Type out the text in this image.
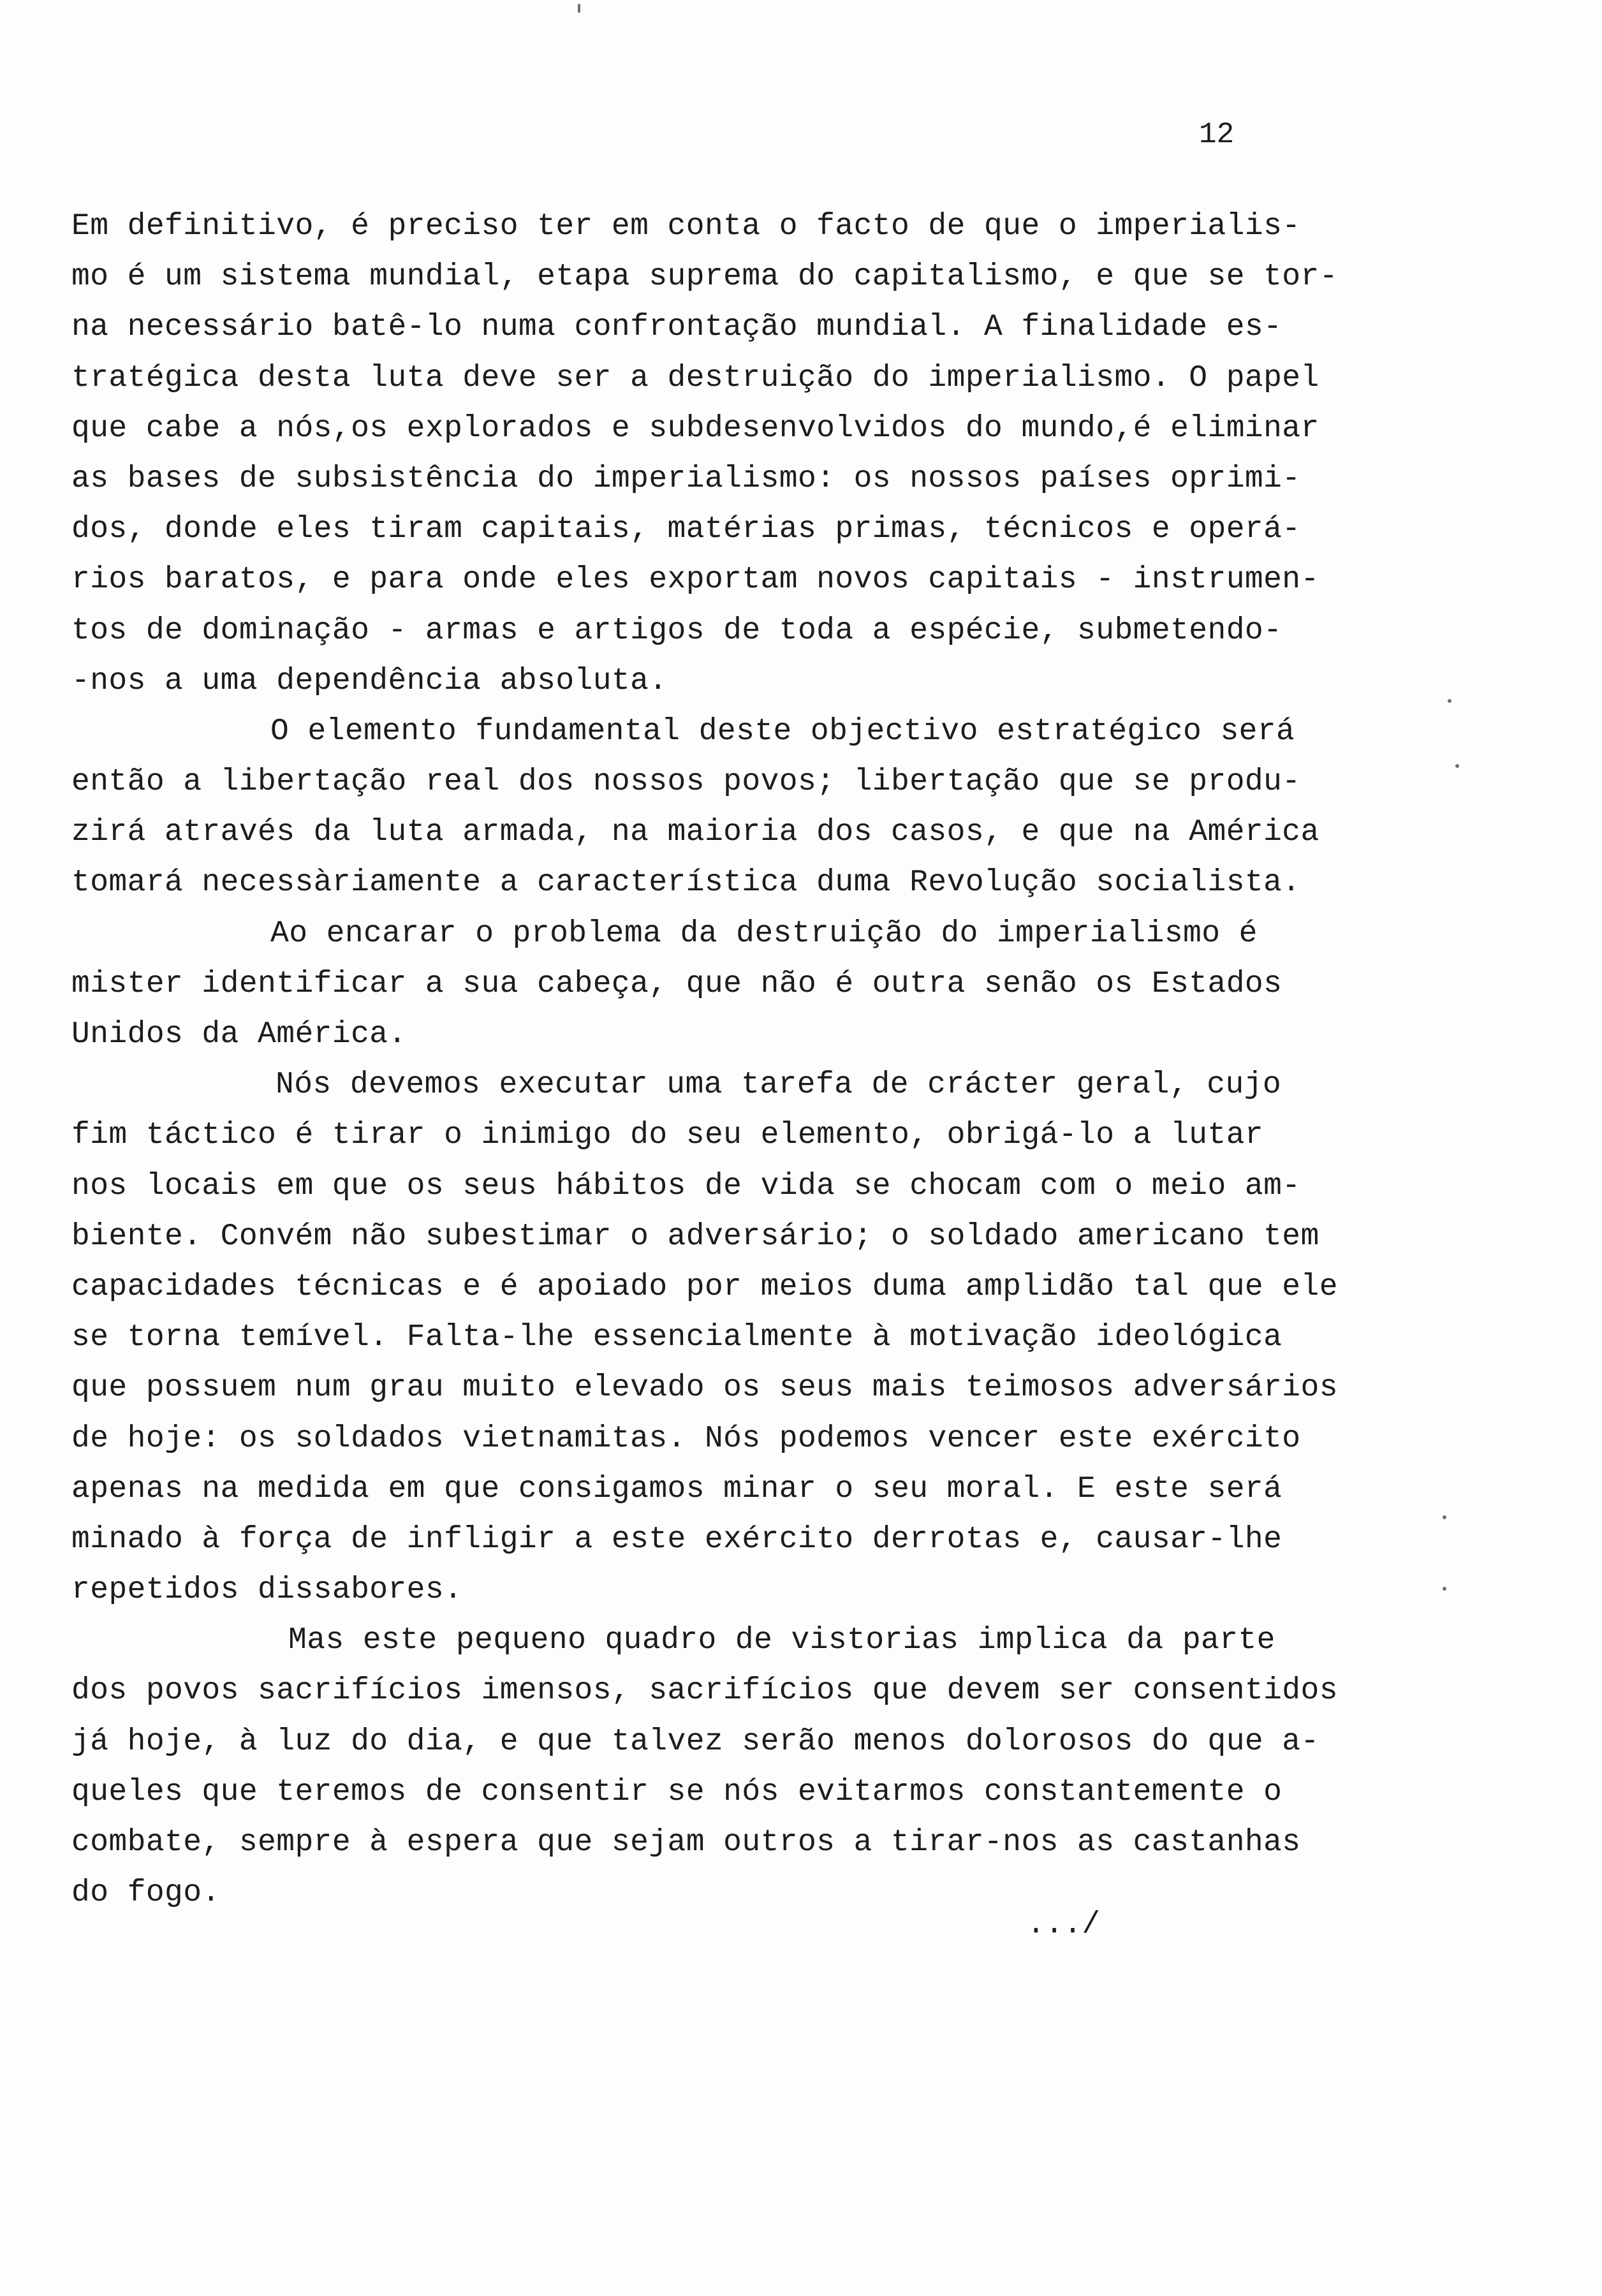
12
Em definitivo, é preciso ter em conta o facto de que o imperialis-
mo é um sistema mundial, etapa suprema do capitalismo, e que se tor-
na necessário batê-lo numa confrontação mundial. A finalidade es-
tratégica desta luta deve ser a destruição do imperialismo. O papel
que cabe a nós,os explorados e subdesenvolvidos do mundo,é eliminar
as bases de subsistência do imperialismo: os nossos países oprimi-
dos, donde eles tiram capitais, matérias primas, técnicos e operá-
rios baratos, e para onde eles exportam novos capitais - instrumen-
tos de dominação - armas e artigos de toda a espécie, submetendo-
-nos a uma dependência absoluta.
O elemento fundamental deste objectivo estratégico será
então a libertação real dos nossos povos; libertação que se produ-
zirá através da luta armada, na maioria dos casos, e que na América
tomará necessàriamente a característica duma Revolução socialista.
Ao encarar o problema da destruição do imperialismo é
mister identificar a sua cabeça, que não é outra senão os Estados
Unidos da América.
Nós devemos executar uma tarefa de crácter geral, cujo
fim táctico é tirar o inimigo do seu elemento, obrigá-lo a lutar
nos locais em que os seus hábitos de vida se chocam com o meio am-
biente. Convém não subestimar o adversário; o soldado americano tem
capacidades técnicas e é apoiado por meios duma amplidão tal que ele
se torna temível. Falta-lhe essencialmente à motivação ideológica
que possuem num grau muito elevado os seus mais teimosos adversários
de hoje: os soldados vietnamitas. Nós podemos vencer este exército
apenas na medida em que consigamos minar o seu moral. E este será
minado à força de infligir a este exército derrotas e, causar-lhe
repetidos dissabores.
Mas este pequeno quadro de vistorias implica da parte
dos povos sacrifícios imensos, sacrifícios que devem ser consentidos
já hoje, à luz do dia, e que talvez serão menos dolorosos do que a-
queles que teremos de consentir se nós evitarmos constantemente o
combate, sempre à espera que sejam outros a tirar-nos as castanhas
do fogo.
.../
